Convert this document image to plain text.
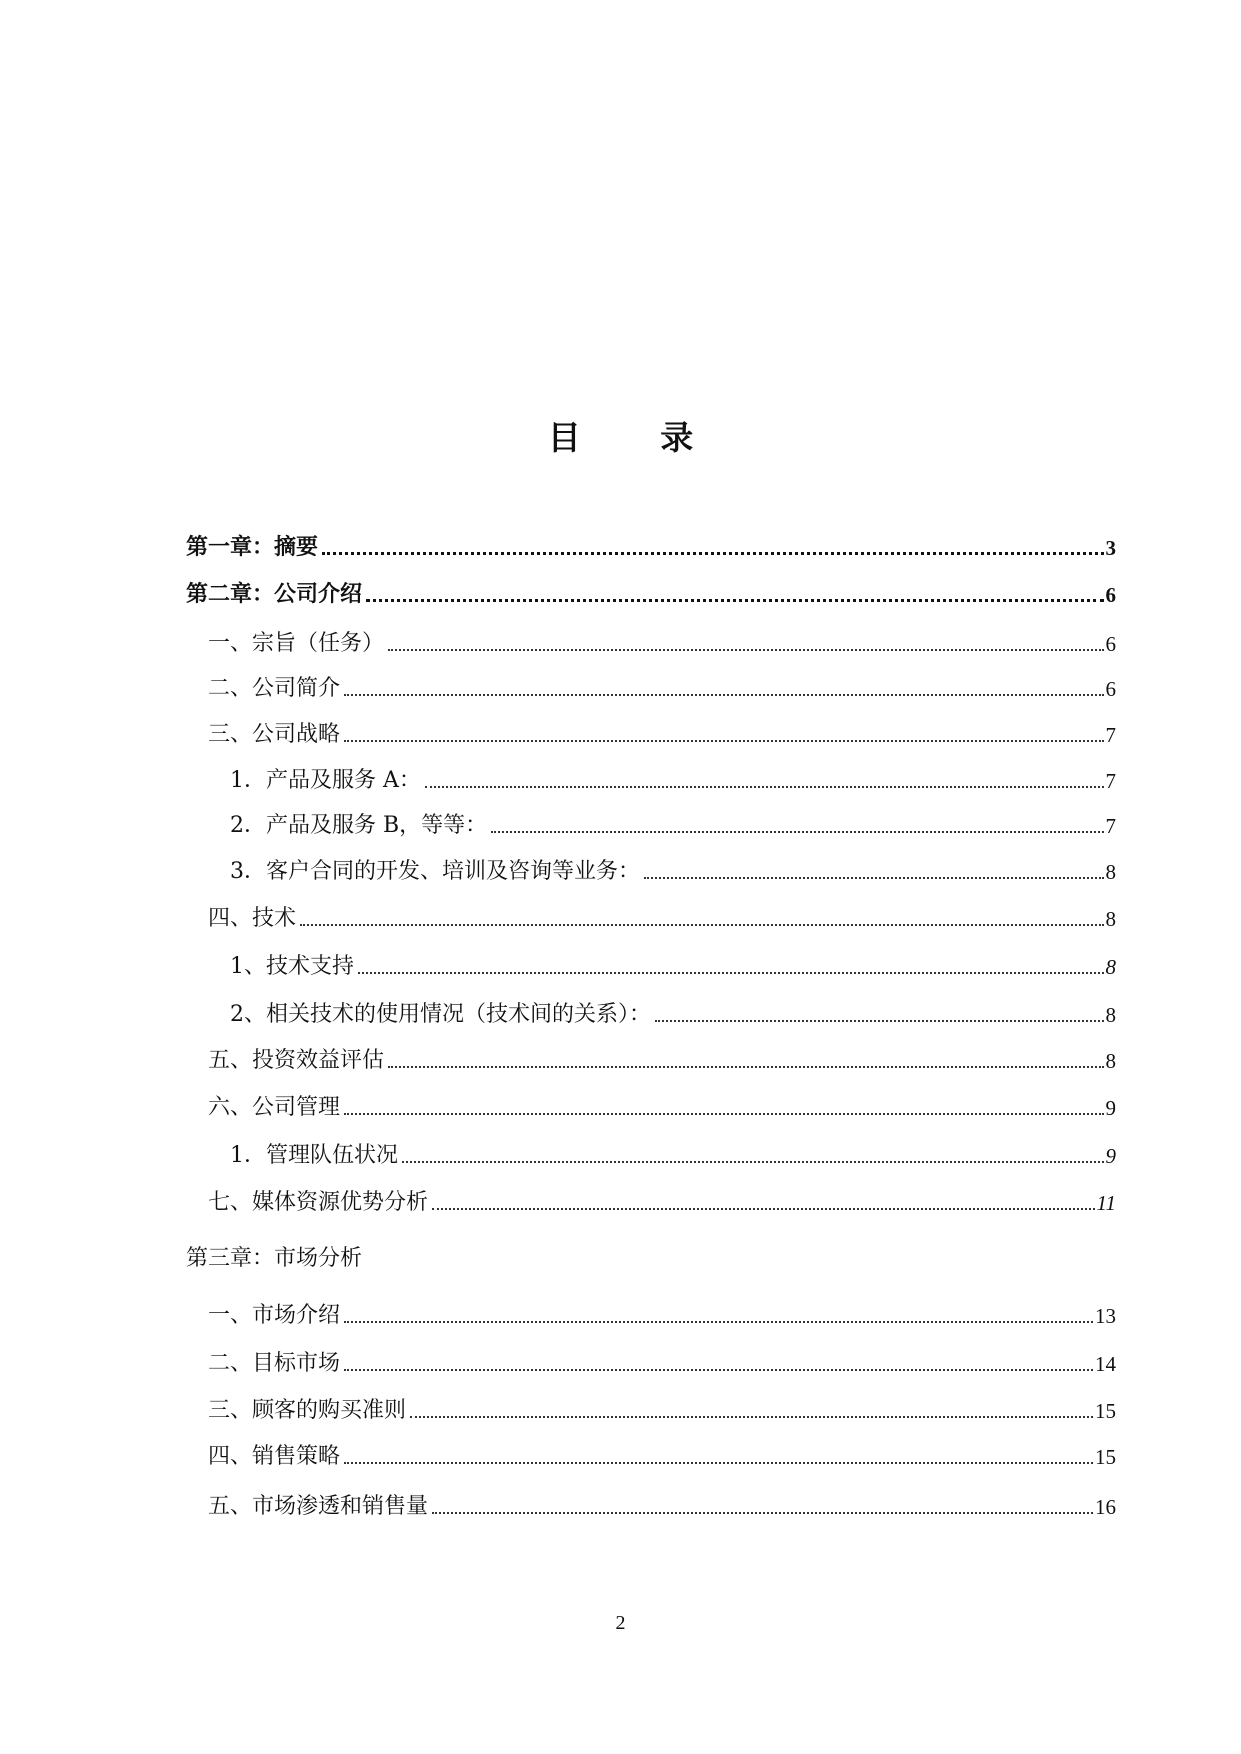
目 录
第一章：摘要	3
第二章：公司介绍	6
一、宗旨（任务）	6
二、公司简介	6
三、公司战略	7
1．产品及服务 A：	7
2．产品及服务 B，等等：	7
3．客户合同的开发、培训及咨询等业务：	8
四、技术	8
1、技术支持	8
2、相关技术的使用情况（技术间的关系）：	8
五、投资效益评估	8
六、公司管理	9
1．管理队伍状况	9
七、媒体资源优势分析	11
第三章：市场分析
一、市场介绍	13
二、目标市场	14
三、顾客的购买准则	15
四、销售策略	15
五、市场渗透和销售量	16
2
